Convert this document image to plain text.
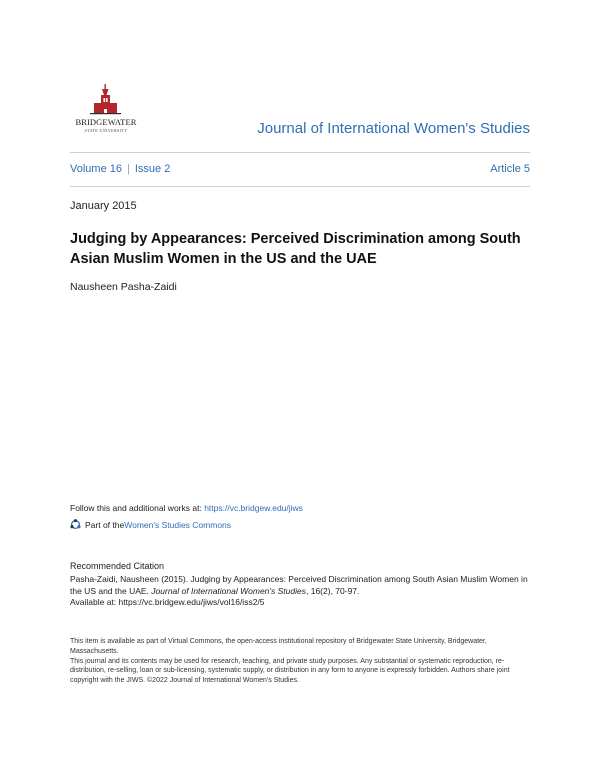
BRIDGEWATER
STATE UNIVERSITY	Journal of International Women's Studies
Volume 16 | Issue 2	Article 5
January 2015
Judging by Appearances: Perceived Discrimination among South Asian Muslim Women in the US and the UAE
Nausheen Pasha-Zaidi
Follow this and additional works at: https://vc.bridgew.edu/jiws
Part of the Women's Studies Commons
Recommended Citation
Pasha-Zaidi, Nausheen (2015). Judging by Appearances: Perceived Discrimination among South Asian Muslim Women in the US and the UAE. Journal of International Women's Studies, 16(2), 70-97.
Available at: https://vc.bridgew.edu/jiws/vol16/iss2/5
This item is available as part of Virtual Commons, the open-access institutional repository of Bridgewater State University, Bridgewater, Massachusetts.
This journal and its contents may be used for research, teaching, and private study purposes. Any substantial or systematic reproduction, re-distribution, re-selling, loan or sub-licensing, systematic supply, or distribution in any form to anyone is expressly forbidden. Authors share joint copyright with the JIWS. ©2022 Journal of International Women's Studies.
